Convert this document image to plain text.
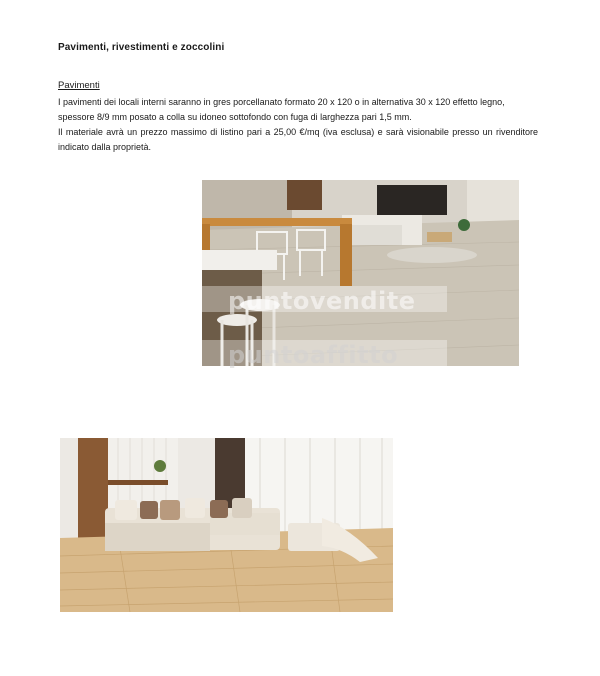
Pavimenti, rivestimenti e zoccolini
Pavimenti
I pavimenti dei locali interni saranno in gres porcellanato formato 20 x 120 o in alternativa 30 x 120 effetto legno, spessore 8/9 mm posato a colla su idoneo sottofondo con fuga di larghezza pari 1,5 mm.
Il materiale avrà un prezzo massimo di listino pari a 25,00 €/mq (iva esclusa) e sarà visionabile presso un rivenditore indicato dalla proprietà.
puntovendite
puntoaffitto
